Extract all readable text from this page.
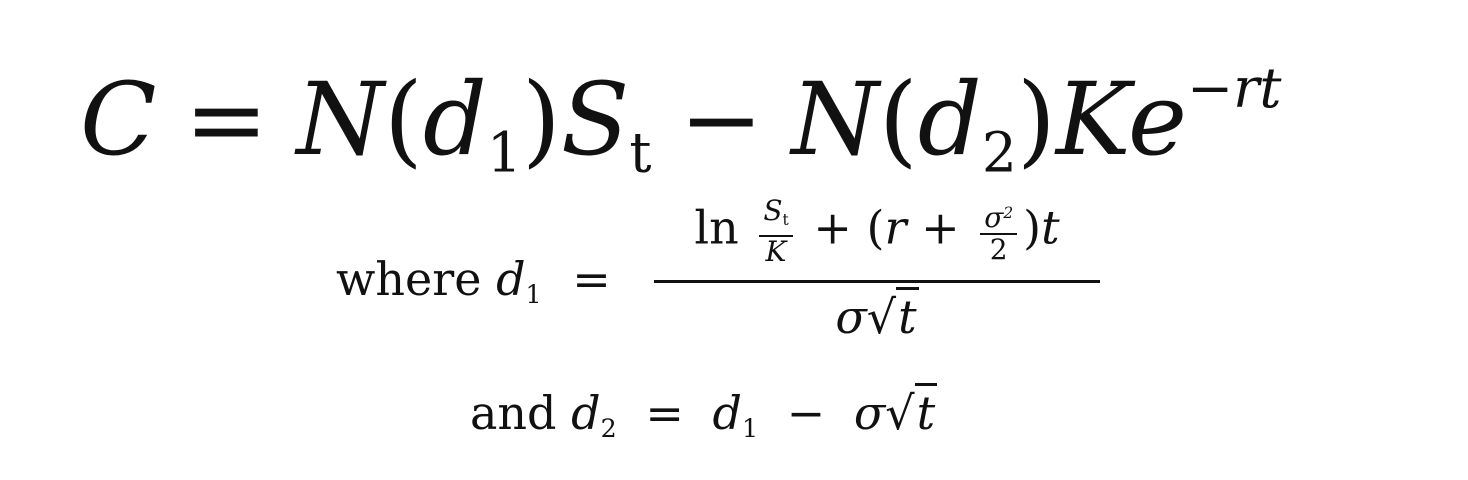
$C = N(d_1)S_t - N(d_2)Ke^{-rt}$
where $d_1$ =
$\ln \frac{S_t}{K} + (r + \frac{\sigma^2}{2} )t$
σ√t
and $d_2 = d_1 - \sigma√t$
